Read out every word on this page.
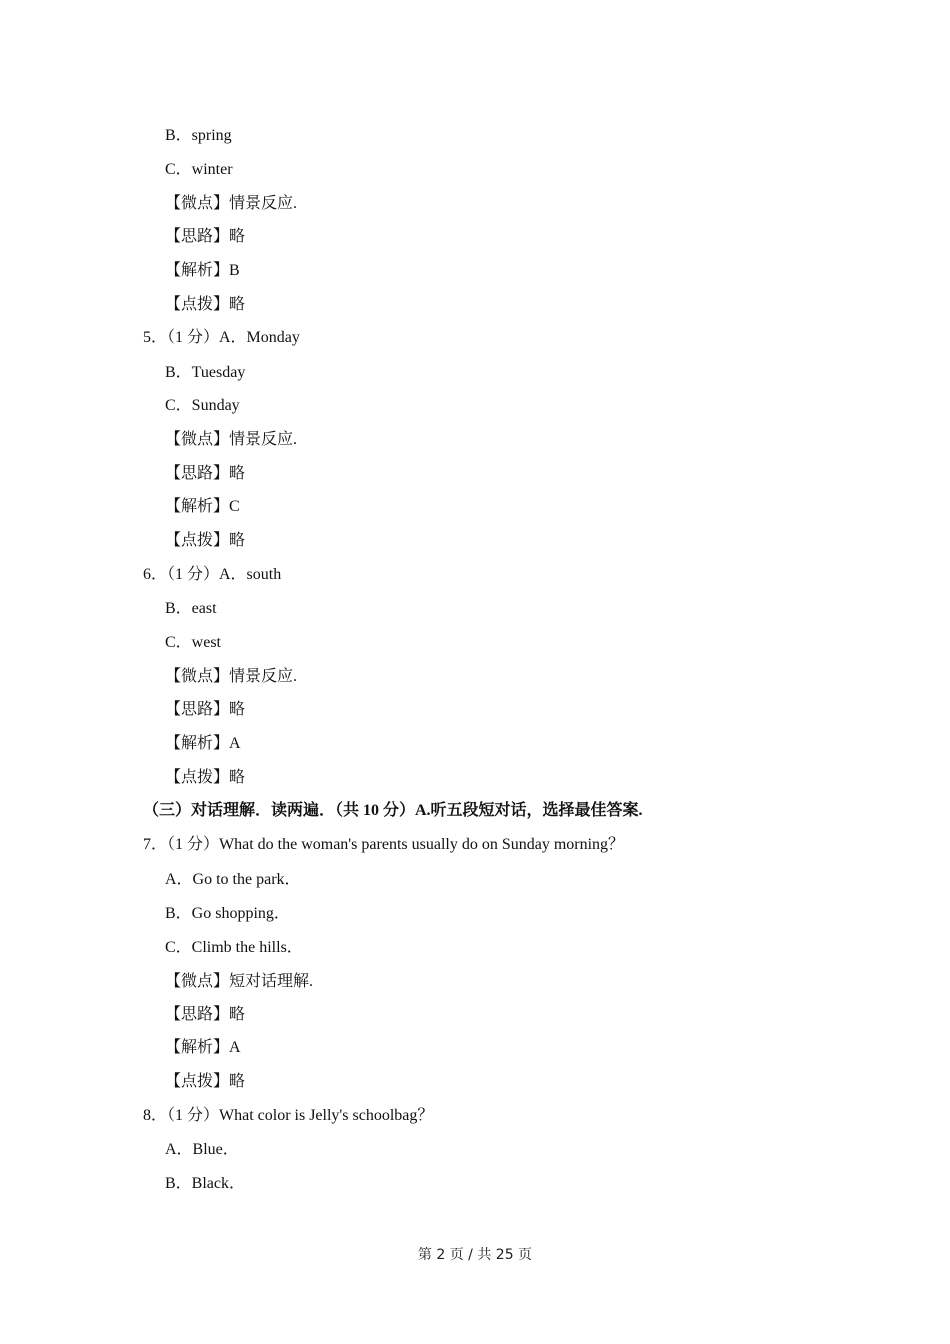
B．spring
C．winter
【微点】情景反应.
【思路】略
【解析】B
【点拨】略
5．（1 分）A．Monday
B．Tuesday
C．Sunday
【微点】情景反应.
【思路】略
【解析】C
【点拨】略
6．（1 分）A．south
B．east
C．west
【微点】情景反应.
【思路】略
【解析】A
【点拨】略
（三）对话理解．读两遍．（共 10 分）A.听五段短对话，选择最佳答案.
7．（1 分）What do the woman's parents usually do on Sunday morning？
A．Go to the park．
B．Go shopping．
C．Climb the hills．
【微点】短对话理解.
【思路】略
【解析】A
【点拨】略
8．（1 分）What color is Jelly's schoolbag？
A．Blue．
B．Black．
第 2 页 / 共 25 页
